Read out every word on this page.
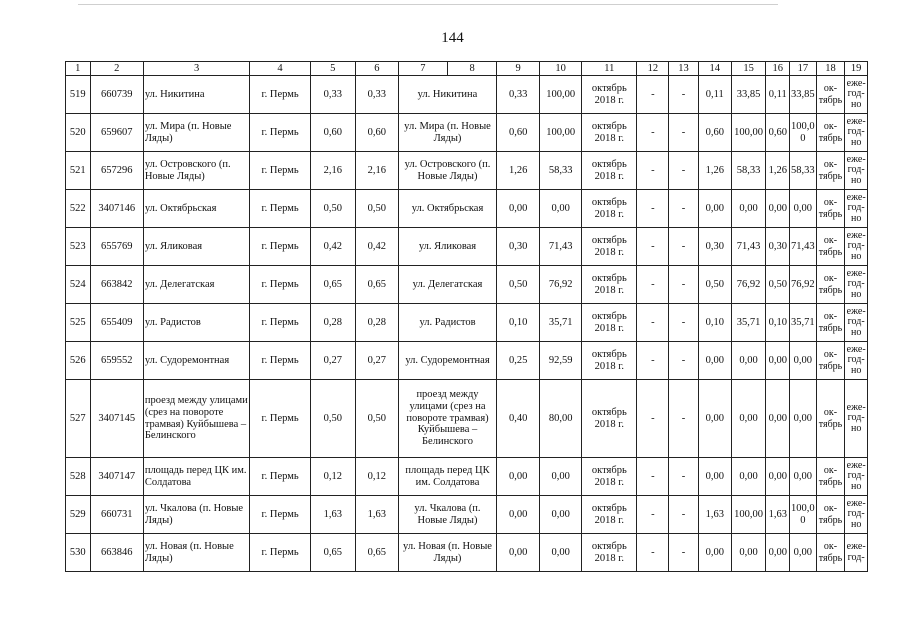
144
1	2	3	4	5	6	7	8	9	10	11	12	13	14	15	16	17	18	19
519	660739	ул. Никитина	г. Пермь	0,33	0,33	ул. Никитина		0,33	100,00	октябрь 2018 г.	-	-	0,11	33,85	0,11	33,85	ок-тябрь	еже-год-но
520	659607	ул. Мира (п. Новые Ляды)	г. Пермь	0,60	0,60	ул. Мира (п. Новые Ляды)		0,60	100,00	октябрь 2018 г.	-	-	0,60	100,00	0,60	100,0 0	ок-тябрь	еже-год-но
521	657296	ул. Островского (п. Новые Ляды)	г. Пермь	2,16	2,16	ул. Островского (п. Новые Ляды)		1,26	58,33	октябрь 2018 г.	-	-	1,26	58,33	1,26	58,33	ок-тябрь	еже-год-но
522	3407146	ул. Октябрьская	г. Пермь	0,50	0,50	ул. Октябрьская		0,00	0,00	октябрь 2018 г.	-	-	0,00	0,00	0,00	0,00	ок-тябрь	еже-год-но
523	655769	ул. Яликовая	г. Пермь	0,42	0,42	ул. Яликовая		0,30	71,43	октябрь 2018 г.	-	-	0,30	71,43	0,30	71,43	ок-тябрь	еже-год-но
524	663842	ул. Делегатская	г. Пермь	0,65	0,65	ул. Делегатская		0,50	76,92	октябрь 2018 г.	-	-	0,50	76,92	0,50	76,92	ок-тябрь	еже-год-но
525	655409	ул. Радистов	г. Пермь	0,28	0,28	ул. Радистов		0,10	35,71	октябрь 2018 г.	-	-	0,10	35,71	0,10	35,71	ок-тябрь	еже-год-но
526	659552	ул. Судоремонтная	г. Пермь	0,27	0,27	ул. Судоремонтная		0,25	92,59	октябрь 2018 г.	-	-	0,00	0,00	0,00	0,00	ок-тябрь	еже-год-но
527	3407145	проезд между улицами (срез на повороте трамвая) Куйбышева – Белинского	г. Пермь	0,50	0,50	проезд между улицами (срез на повороте трамвая) Куйбышева – Белинского		0,40	80,00	октябрь 2018 г.	-	-	0,00	0,00	0,00	0,00	ок-тябрь	еже-год-но
528	3407147	площадь перед ЦК им. Солдатова	г. Пермь	0,12	0,12	площадь перед ЦК им. Солдатова		0,00	0,00	октябрь 2018 г.	-	-	0,00	0,00	0,00	0,00	ок-тябрь	еже-год-но
529	660731	ул. Чкалова (п. Новые Ляды)	г. Пермь	1,63	1,63	ул. Чкалова (п. Новые Ляды)		0,00	0,00	октябрь 2018 г.	-	-	1,63	100,00	1,63	100,0 0	ок-тябрь	еже-год-но
530	663846	ул. Новая (п. Новые Ляды)	г. Пермь	0,65	0,65	ул. Новая (п. Новые Ляды)		0,00	0,00	октябрь 2018 г.	-	-	0,00	0,00	0,00	0,00	ок-тябрь	еже-год-
